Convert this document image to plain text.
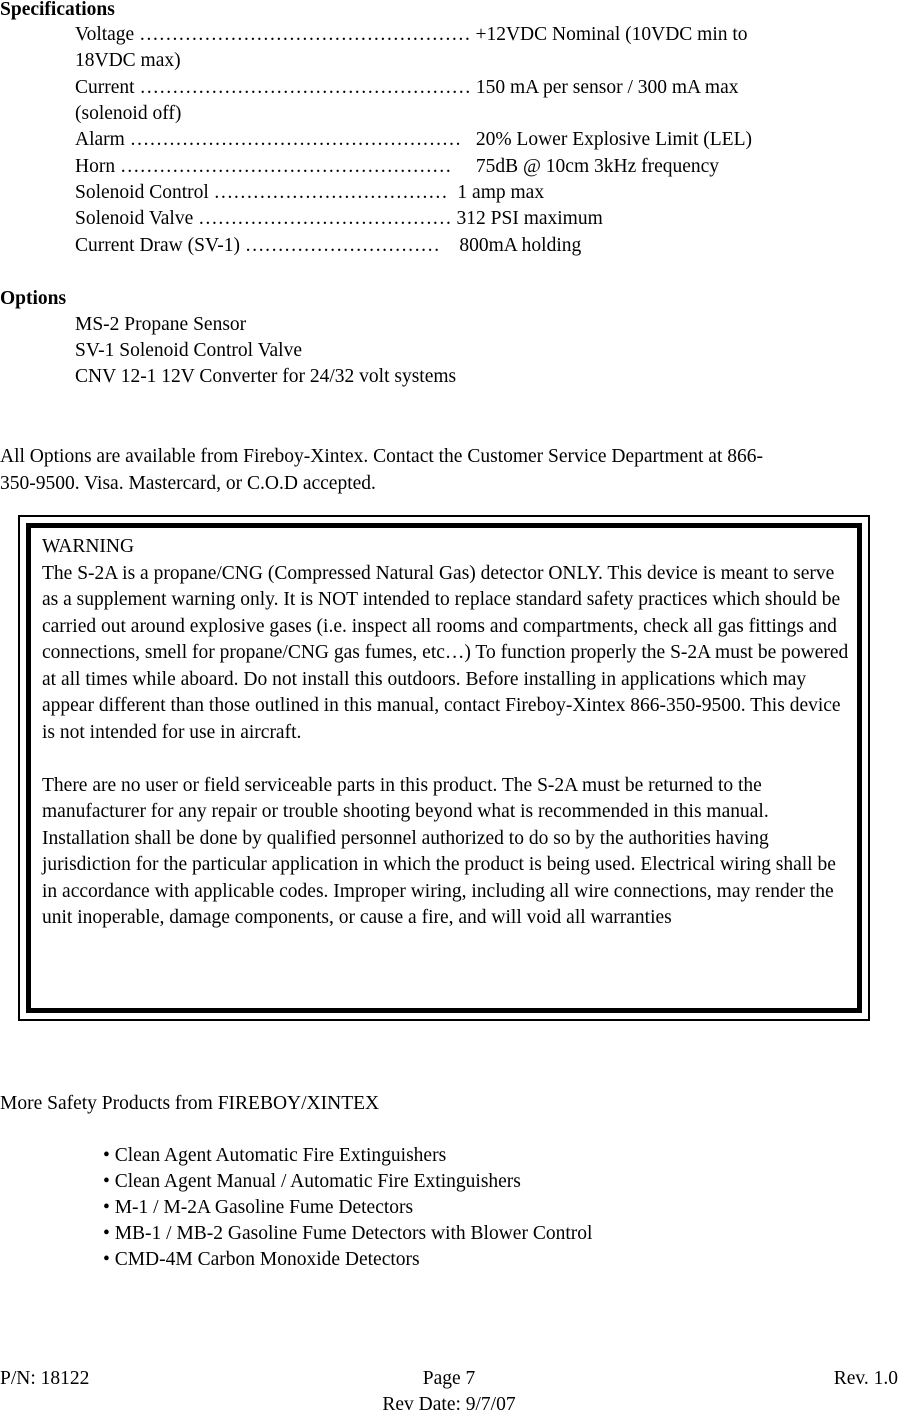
Specifications
Voltage …………………………………………… +12VDC Nominal (10VDC min to
18VDC max)
Current …………………………………………… 150 mA per sensor / 300 mA max
(solenoid off)
Alarm ……………………………………………   20% Lower Explosive Limit (LEL)
Horn ……………………………………………     75dB @ 10cm 3kHz frequency
Solenoid Control ………………………………  1 amp max
Solenoid Valve ………………………………… 312 PSI maximum
Current Draw (SV-1) …………………………    800mA holding
Options
MS-2 Propane Sensor
SV-1 Solenoid Control Valve
CNV 12-1 12V Converter for 24/32 volt systems
All Options are available from Fireboy-Xintex. Contact the Customer Service Department at 866-
350-9500. Visa. Mastercard, or C.O.D accepted.

WARNING

The S-2A is a propane/CNG (Compressed Natural Gas) detector ONLY. This device is meant to serve as a supplement warning only. It is NOT intended to replace standard safety practices which should be carried out around explosive gases (i.e. inspect all rooms and compartments, check all gas fittings and connections, smell for propane/CNG gas fumes, etc…) To function properly the S-2A must be powered at all times while aboard. Do not install this outdoors. Before installing in applications which may appear different than those outlined in this manual, contact Fireboy-Xintex 866-350-9500. This device is not intended for use in aircraft.

There are no user or field serviceable parts in this product. The S-2A must be returned to the manufacturer for any repair or trouble shooting beyond what is recommended in this manual. Installation shall be done by qualified personnel authorized to do so by the authorities having jurisdiction for the particular application in which the product is being used. Electrical wiring shall be in accordance with applicable codes. Improper wiring, including all wire connections, may render the unit inoperable, damage components, or cause a fire, and will void all warranties

More Safety Products from FIREBOY/XINTEX
• Clean Agent Automatic Fire Extinguishers
• Clean Agent Manual / Automatic Fire Extinguishers
• M-1 / M-2A Gasoline Fume Detectors
• MB-1 / MB-2 Gasoline Fume Detectors with Blower Control
• CMD-4M Carbon Monoxide Detectors
P/N: 18122	Page 7	Rev. 1.0
Rev Date: 9/7/07
